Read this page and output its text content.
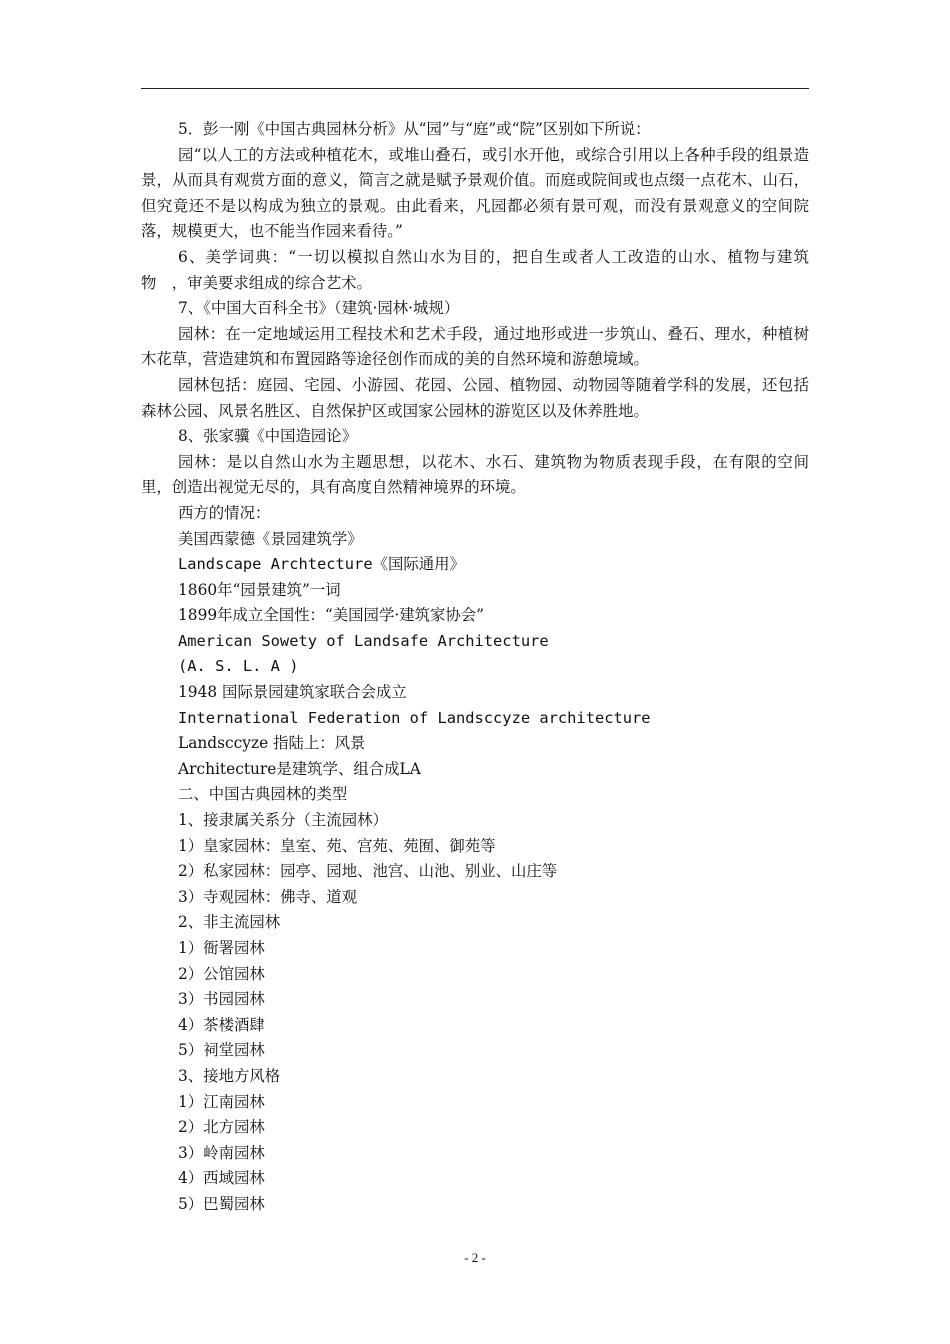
5．彭一刚《中国古典园林分析》从“园”与“庭”或“院”区别如下所说：

园“以人工的方法或种植花木，或堆山叠石，或引水开他，或综合引用以上各种手段的组景造景，从而具有观赏方面的意义，简言之就是赋予景观价值。而庭或院间或也点缀一点花木、山石，但究竟还不是以构成为独立的景观。由此看来，凡园都必须有景可观，而没有景观意义的空间院落，规模更大，也不能当作园来看待。”

6、美学词典：“一切以模拟自然山水为目的，把自生或者人工改造的山水、植物与建筑物　，审美要求组成的综合艺术。

7、《中国大百科全书》（建筑·园林·城规）

园林：在一定地域运用工程技术和艺术手段，通过地形或进一步筑山、叠石、理水，种植树木花草，营造建筑和布置园路等途径创作而成的美的自然环境和游憩境域。

园林包括：庭园、宅园、小游园、花园、公园、植物园、动物园等随着学科的发展，还包括森林公园、风景名胜区、自然保护区或国家公园林的游览区以及休养胜地。

8、张家骥《中国造园论》

园林：是以自然山水为主题思想，以花木、水石、建筑物为物质表现手段，在有限的空间里，创造出视觉无尽的，具有高度自然精神境界的环境。

西方的情况：

美国西蒙德《景园建筑学》

Landscape Archtecture《国际通用》

1860年“园景建筑”一词

1899年成立全国性：“美国园学·建筑家协会”

American Sowety of Landsafe Architecture

(A. S. L. A )

1948 国际景园建筑家联合会成立

International Federation of Landsccyze architecture

Landsccyze 指陆上：风景

Architecture是建筑学、组合成LA

二、中国古典园林的类型

1、接隶属关系分（主流园林）

1）皇家园林：皇室、苑、宫苑、苑囿、御苑等

2）私家园林：园亭、园地、池宫、山池、别业、山庄等

3）寺观园林：佛寺、道观

2、非主流园林

1）衙署园林

2）公馆园林

3）书园园林

4）茶楼酒肆

5）祠堂园林

3、接地方风格

1）江南园林

2）北方园林

3）岭南园林

4）西域园林

5）巴蜀园林

- 2 -
